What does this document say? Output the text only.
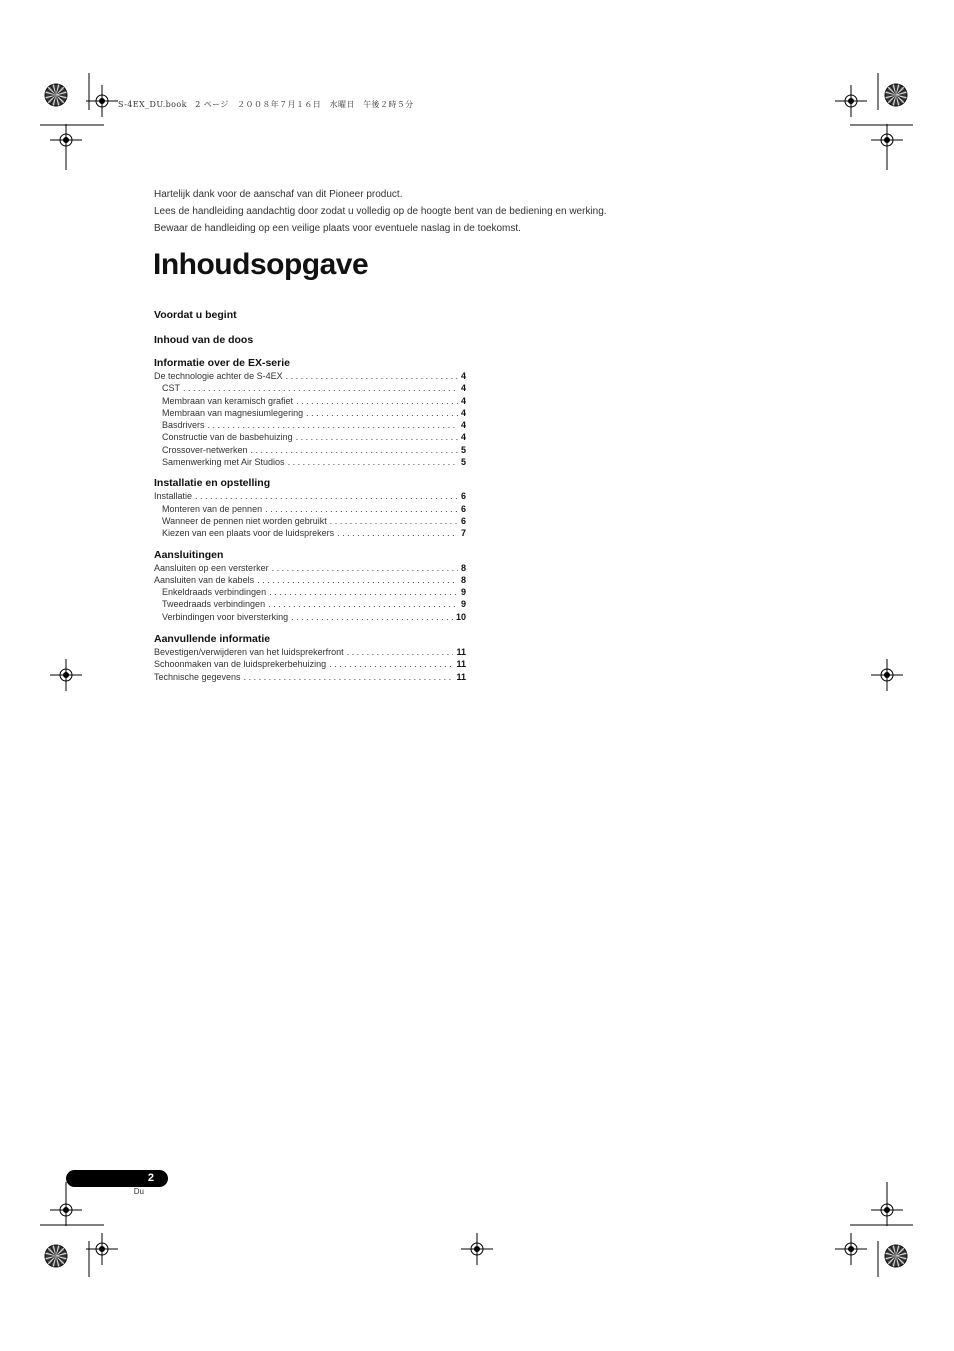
S-4EX_DU.book　2 ページ　２００８年７月１６日　水曜日　午後２時５分

Hartelijk dank voor de aanschaf van dit Pioneer product.

Lees de handleiding aandachtig door zodat u volledig op de hoogte bent van de bediening en werking.

Bewaar de handleiding op een veilige plaats voor eventuele naslag in de toekomst.

Inhoudsopgave
Voordat u begint
Inhoud van de doos
Informatie over de EX-serie
De technologie achter de S-4EX . . .	4
CST . . .	4
Membraan van keramisch grafiet . . .	4
Membraan van magnesiumlegering . . .	4
Basdrivers . . .	4
Constructie van de basbehuizing . . .	4
Crossover-netwerken . . .	5
Samenwerking met Air Studios . . .	5
Installatie en opstelling
Installatie . . .	6
Monteren van de pennen . . .	6
Wanneer de pennen niet worden gebruikt . . .	6
Kiezen van een plaats voor de luidsprekers . . .	7
Aansluitingen
Aansluiten op een versterker . . .	8
Aansluiten van de kabels . . .	8
Enkeldraads verbindingen . . .	9
Tweedraads verbindingen . . .	9
Verbindingen voor biversterking . . .	10
Aanvullende informatie
Bevestigen/verwijderen van het luidsprekerfront . . .	11
Schoonmaken van de luidsprekerbehuizing . . .	11
Technische gegevens . . .	11
2
Du
